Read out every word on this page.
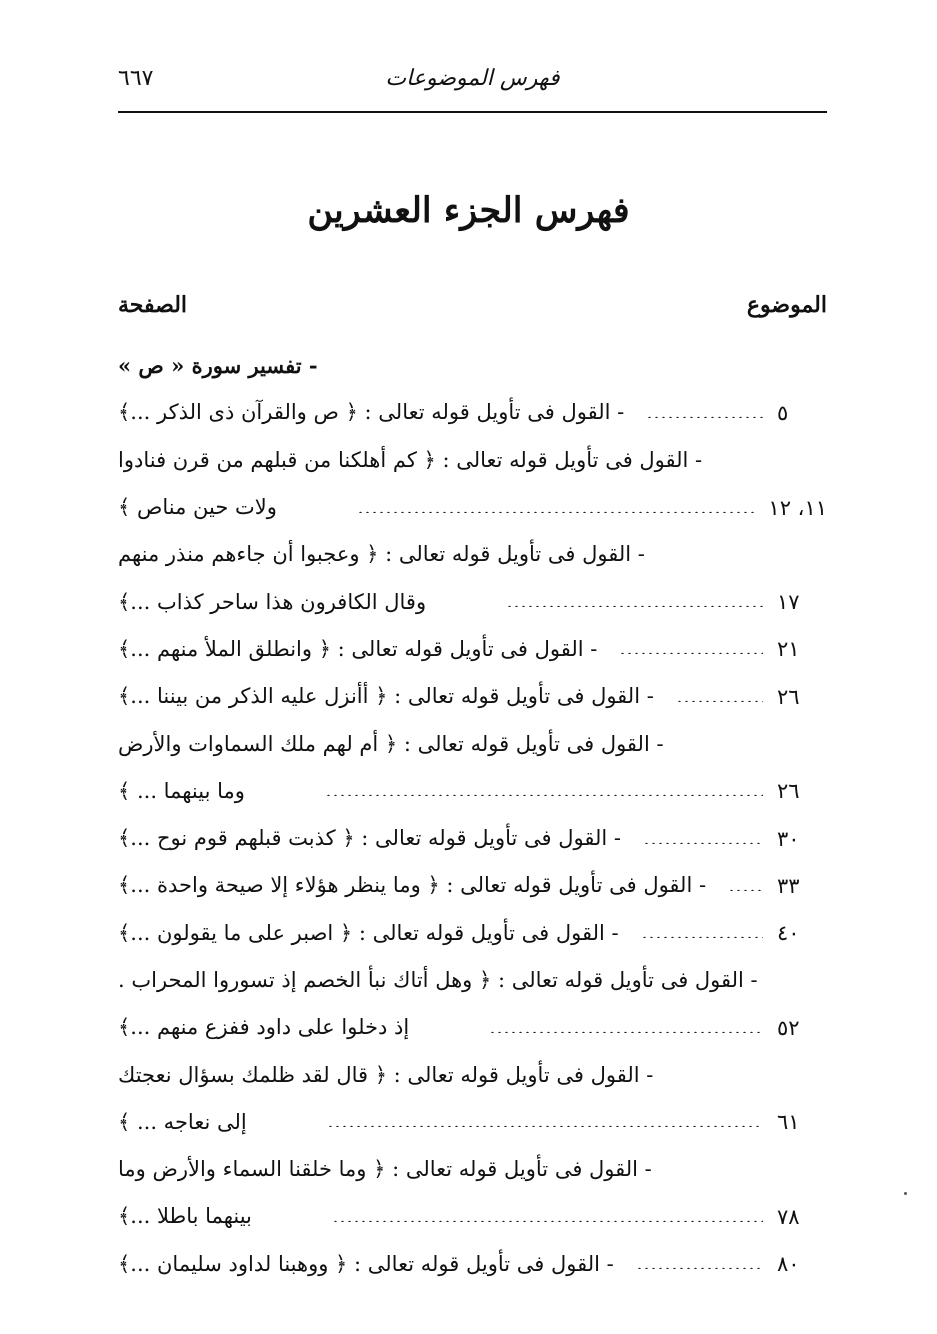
فهرس الموضوعات
٦٦٧
فهرس الجزء العشرين
الموضوع
الصفحة
- تفسير سورة « ص »
- القول فى تأويل قوله تعالى : ﴿ ص والقرآن ذى الذكر ...﴾	٥
- القول فى تأويل قوله تعالى : ﴿ كم أهلكنا من قبلهم من قرن فنادوا
ولات حين مناص ﴾	١١، ١٢
- القول فى تأويل قوله تعالى : ﴿ وعجبوا أن جاءهم منذر منهم
وقال الكافرون هذا ساحر كذاب ...﴾	١٧
- القول فى تأويل قوله تعالى : ﴿ وانطلق الملأ منهم ...﴾	٢١
- القول فى تأويل قوله تعالى : ﴿ أأنزل عليه الذكر من بيننا ...﴾	٢٦
- القول فى تأويل قوله تعالى : ﴿ أم لهم ملك السماوات والأرض
وما بينهما ... ﴾	٢٦
- القول فى تأويل قوله تعالى : ﴿ كذبت قبلهم قوم نوح ...﴾	٣٠
- القول فى تأويل قوله تعالى : ﴿ وما ينظر هؤلاء إلا صيحة واحدة ...﴾	٣٣
- القول فى تأويل قوله تعالى : ﴿ اصبر على ما يقولون ...﴾	٤٠
- القول فى تأويل قوله تعالى : ﴿ وهل أتاك نبأ الخصم إذ تسوروا المحراب .
إذ دخلوا على داود ففزع منهم ...﴾	٥٢
- القول فى تأويل قوله تعالى : ﴿ قال لقد ظلمك بسؤال نعجتك
إلى نعاجه ... ﴾	٦١
- القول فى تأويل قوله تعالى : ﴿ وما خلقنا السماء والأرض وما
بينهما باطلا ...﴾	٧٨
- القول فى تأويل قوله تعالى : ﴿ ووهبنا لداود سليمان ...﴾	٨٠
